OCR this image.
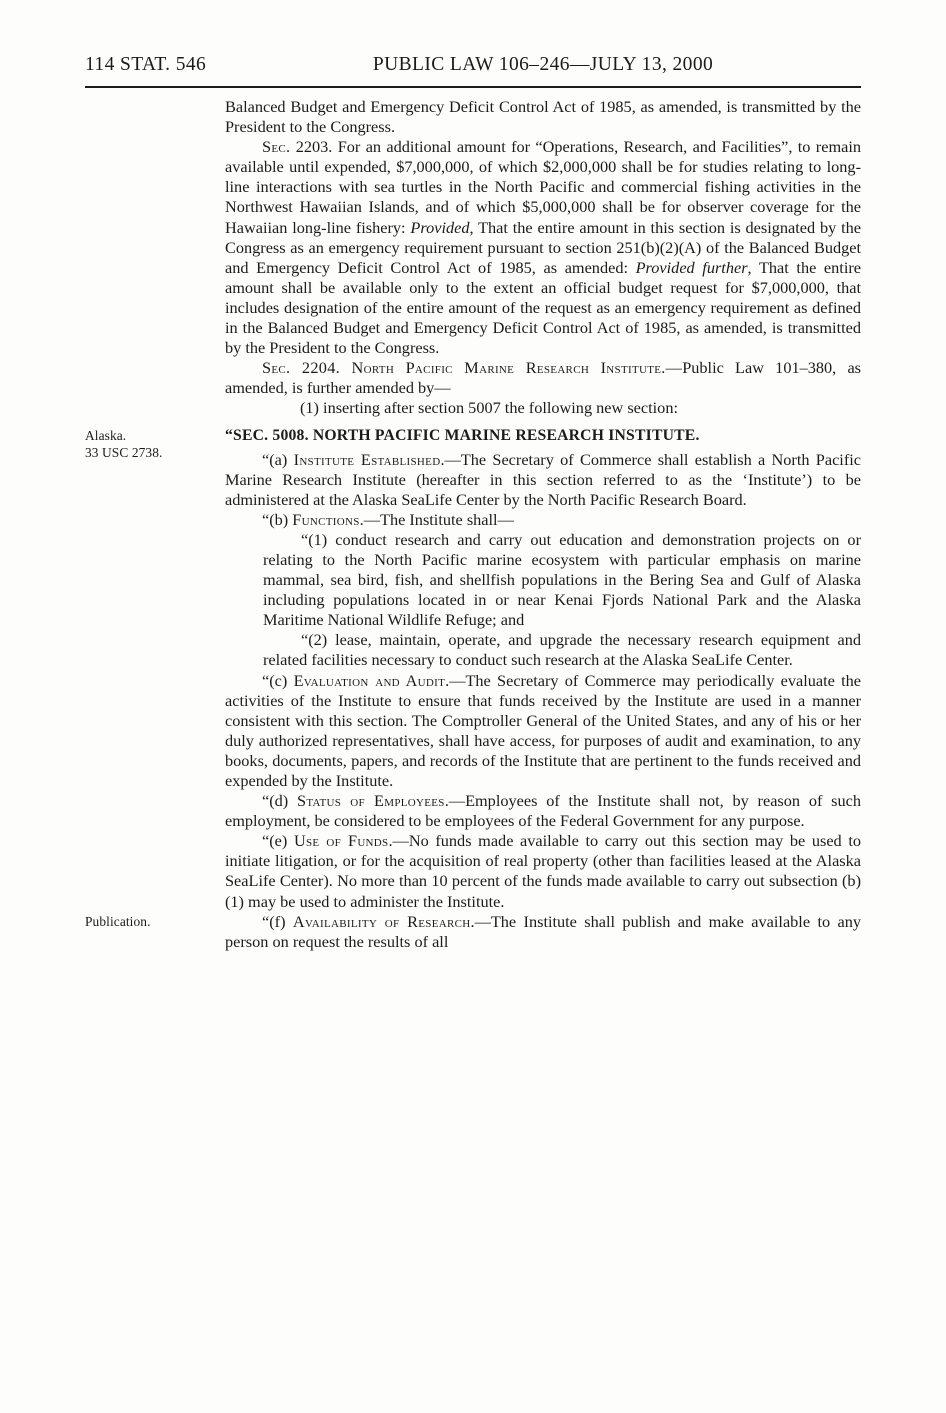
114 STAT. 546	PUBLIC LAW 106–246—JULY 13, 2000

Balanced Budget and Emergency Deficit Control Act of 1985, as amended, is transmitted by the President to the Congress.

Sec. 2203. For an additional amount for “Operations, Research, and Facilities”, to remain available until expended, $7,000,000, of which $2,000,000 shall be for studies relating to long-line interactions with sea turtles in the North Pacific and commercial fishing activities in the Northwest Hawaiian Islands, and of which $5,000,000 shall be for observer coverage for the Hawaiian long-line fishery: Provided, That the entire amount in this section is designated by the Congress as an emergency requirement pursuant to section 251(b)(2)(A) of the Balanced Budget and Emergency Deficit Control Act of 1985, as amended: Provided further, That the entire amount shall be available only to the extent an official budget request for $7,000,000, that includes designation of the entire amount of the request as an emergency requirement as defined in the Balanced Budget and Emergency Deficit Control Act of 1985, as amended, is transmitted by the President to the Congress.

Sec. 2204. North Pacific Marine Research Institute.—Public Law 101–380, as amended, is further amended by—

(1) inserting after section 5007 the following new section:

Alaska.
33 USC 2738.
“SEC. 5008. NORTH PACIFIC MARINE RESEARCH INSTITUTE.

“(a) Institute Established.—The Secretary of Commerce shall establish a North Pacific Marine Research Institute (hereafter in this section referred to as the ‘Institute’) to be administered at the Alaska SeaLife Center by the North Pacific Research Board.

“(b) Functions.—The Institute shall—

“(1) conduct research and carry out education and demonstration projects on or relating to the North Pacific marine ecosystem with particular emphasis on marine mammal, sea bird, fish, and shellfish populations in the Bering Sea and Gulf of Alaska including populations located in or near Kenai Fjords National Park and the Alaska Maritime National Wildlife Refuge; and

“(2) lease, maintain, operate, and upgrade the necessary research equipment and related facilities necessary to conduct such research at the Alaska SeaLife Center.

“(c) Evaluation and Audit.—The Secretary of Commerce may periodically evaluate the activities of the Institute to ensure that funds received by the Institute are used in a manner consistent with this section. The Comptroller General of the United States, and any of his or her duly authorized representatives, shall have access, for purposes of audit and examination, to any books, documents, papers, and records of the Institute that are pertinent to the funds received and expended by the Institute.

“(d) Status of Employees.—Employees of the Institute shall not, by reason of such employment, be considered to be employees of the Federal Government for any purpose.

“(e) Use of Funds.—No funds made available to carry out this section may be used to initiate litigation, or for the acquisition of real property (other than facilities leased at the Alaska SeaLife Center). No more than 10 percent of the funds made available to carry out subsection (b)(1) may be used to administer the Institute.

Publication.	“(f) Availability of Research.—The Institute shall publish and make available to any person on request the results of all
